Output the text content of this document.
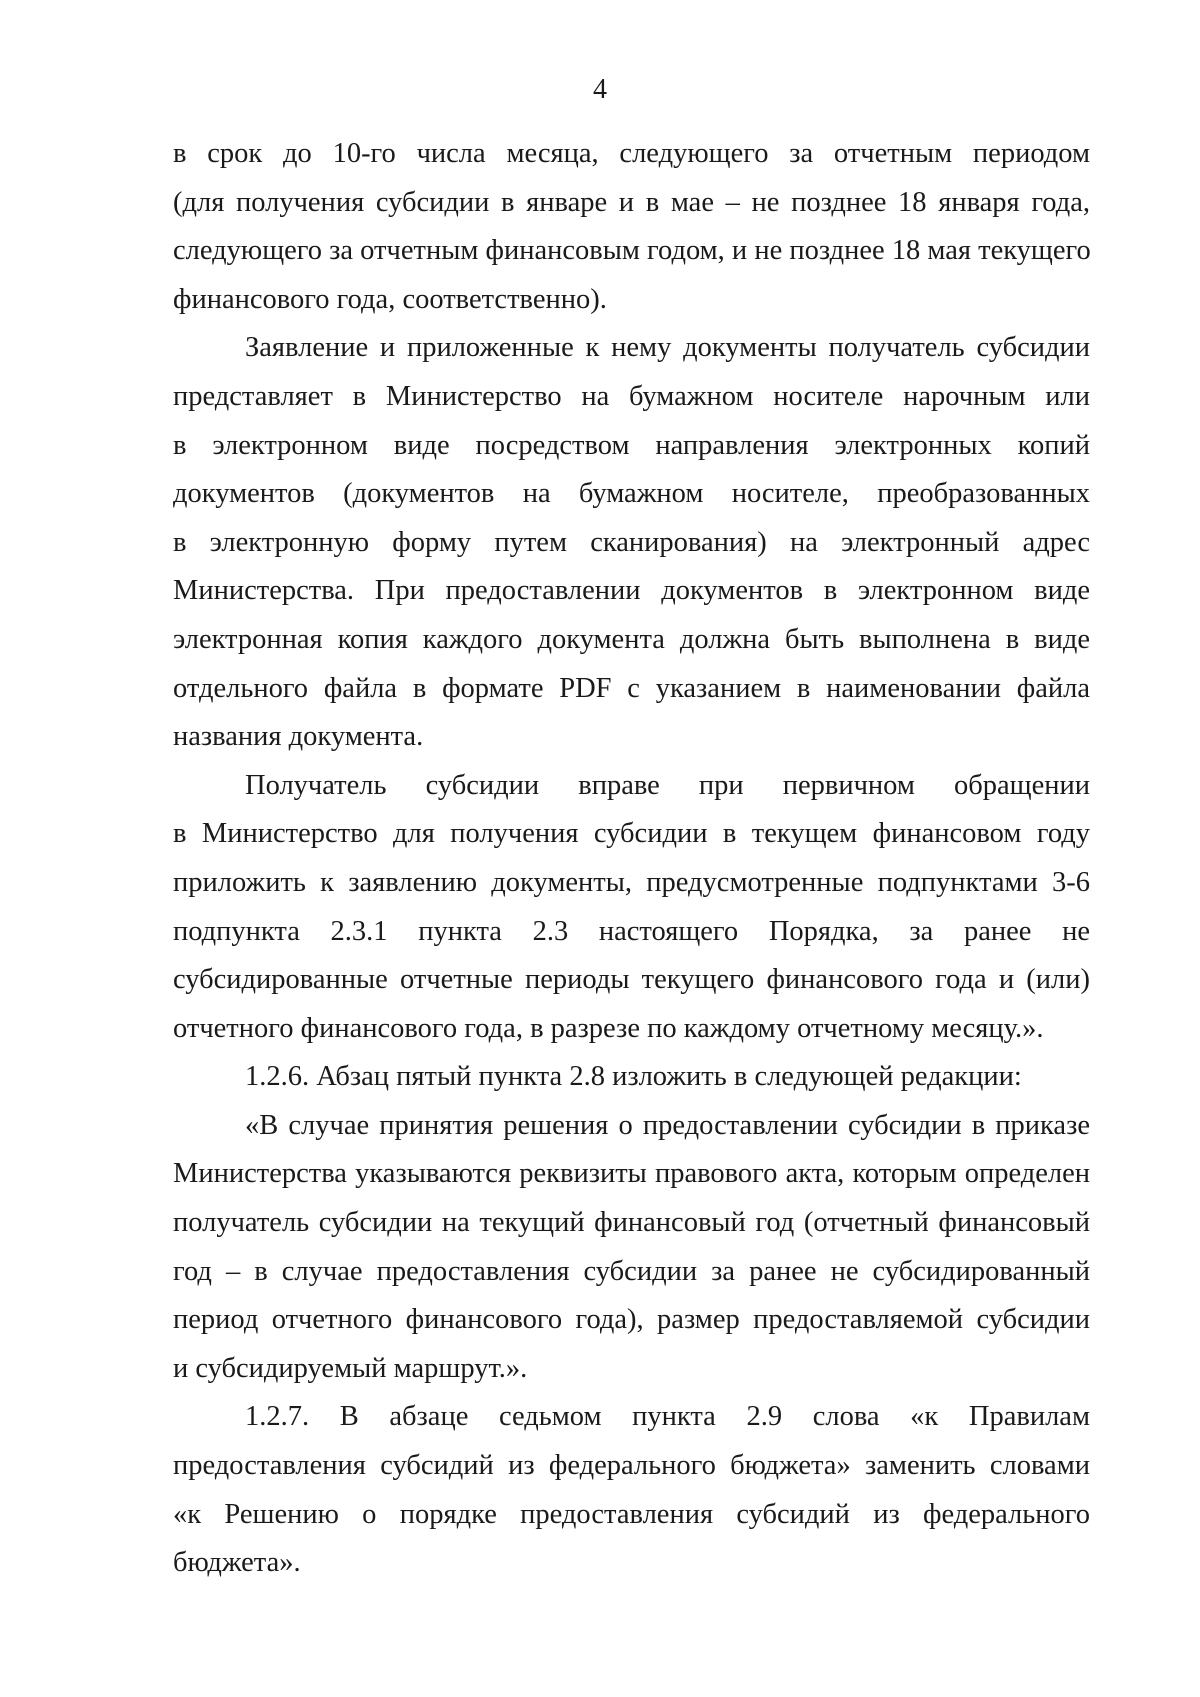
4
в срок до 10-го числа месяца, следующего за отчетным периодом
(для получения субсидии в январе и в мае – не позднее 18 января года,
следующего за отчетным финансовым годом, и не позднее 18 мая текущего
финансового года, соответственно).
Заявление и приложенные к нему документы получатель субсидии
представляет в Министерство на бумажном носителе нарочным или
в электронном виде посредством направления электронных копий
документов (документов на бумажном носителе, преобразованных
в электронную форму путем сканирования) на электронный адрес
Министерства. При предоставлении документов в электронном виде
электронная копия каждого документа должна быть выполнена в виде
отдельного файла в формате PDF с указанием в наименовании файла
названия документа.
Получатель субсидии вправе при первичном обращении
в Министерство для получения субсидии в текущем финансовом году
приложить к заявлению документы, предусмотренные подпунктами 3-6
подпункта 2.3.1 пункта 2.3 настоящего Порядка, за ранее не
субсидированные отчетные периоды текущего финансового года и (или)
отчетного финансового года, в разрезе по каждому отчетному месяцу.».
1.2.6. Абзац пятый пункта 2.8 изложить в следующей редакции:
«В случае принятия решения о предоставлении субсидии в приказе
Министерства указываются реквизиты правового акта, которым определен
получатель субсидии на текущий финансовый год (отчетный финансовый
год – в случае предоставления субсидии за ранее не субсидированный
период отчетного финансового года), размер предоставляемой субсидии
и субсидируемый маршрут.».
1.2.7. В абзаце седьмом пункта 2.9 слова «к Правилам
предоставления субсидий из федерального бюджета» заменить словами
«к Решению о порядке предоставления субсидий из федерального
бюджета».
